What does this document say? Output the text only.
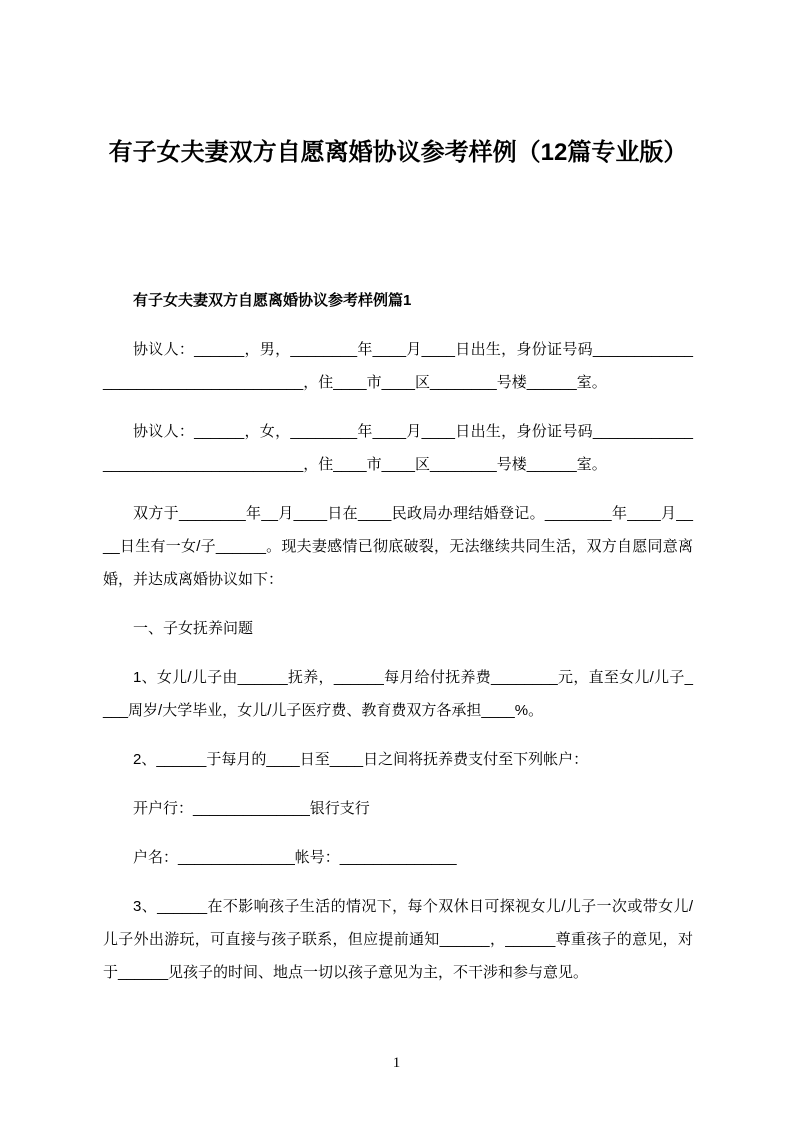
有子女夫妻双方自愿离婚协议参考样例（12篇专业版）
有子女夫妻双方自愿离婚协议参考样例篇1

协议人：______，男，________年____月____日出生，身份证号码____________________________________，住____市____区________号楼______室。

协议人：______，女，________年____月____日出生，身份证号码____________________________________，住____市____区________号楼______室。

双方于________年__月____日在____民政局办理结婚登记。________年____月____日生有一女/子______。现夫妻感情已彻底破裂，无法继续共同生活，双方自愿同意离婚，并达成离婚协议如下：

一、子女抚养问题

1、女儿/儿子由______抚养，______每月给付抚养费________元，直至女儿/儿子____周岁/大学毕业，女儿/儿子医疗费、教育费双方各承担____%。

2、______于每月的____日至____日之间将抚养费支付至下列帐户：

开户行：______________银行支行

户名：______________帐号：______________

3、______在不影响孩子生活的情况下，每个双休日可探视女儿/儿子一次或带女儿/儿子外出游玩，可直接与孩子联系，但应提前通知______，______尊重孩子的意见，对于______见孩子的时间、地点一切以孩子意见为主，不干涉和参与意见。

1
